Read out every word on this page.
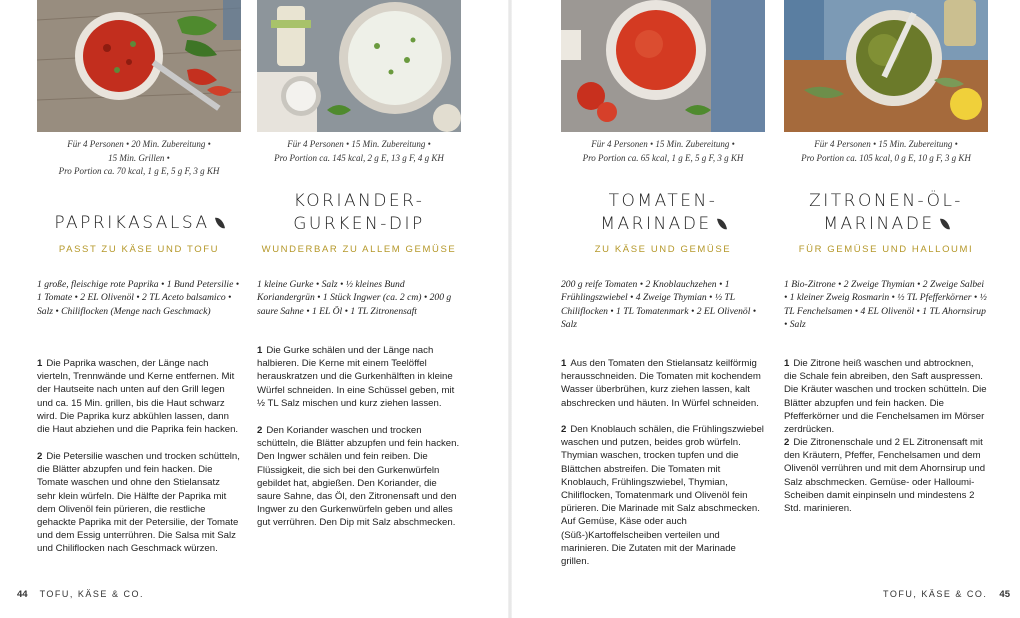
Für 4 Personen • 20 Min. Zubereitung •
15 Min. Grillen •
Pro Portion ca. 70 kcal, 1 g E, 5 g F, 3 g KH
PAPRIKASALSA
PASST ZU KÄSE UND TOFU
1 große, fleischige rote Paprika • 1 Bund Petersilie • 1 Tomate • 2 EL Olivenöl • 2 TL Aceto balsamico • Salz • Chiliflocken (Menge nach Geschmack)
1 Die Paprika waschen, der Länge nach vierteln, Trennwände und Kerne entfernen. Mit der Hautseite nach unten auf den Grill legen und ca. 15 Min. grillen, bis die Haut schwarz wird. Die Paprika kurz abkühlen lassen, dann die Haut abziehen und die Paprika fein hacken.
2 Die Petersilie waschen und trocken schütteln, die Blätter abzupfen und fein hacken. Die Tomate waschen und ohne den Stielansatz sehr klein würfeln. Die Hälfte der Paprika mit dem Olivenöl fein pürieren, die restliche gehackte Paprika mit der Petersilie, der Tomate und dem Essig unterrühren. Die Salsa mit Salz und Chiliflocken nach Geschmack würzen.
Für 4 Personen • 15 Min. Zubereitung •
Pro Portion ca. 145 kcal, 2 g E, 13 g F, 4 g KH
KORIANDER-
GURKEN-DIP
WUNDERBAR ZU ALLEM GEMÜSE
1 kleine Gurke • Salz • ½ kleines Bund Koriandergrün • 1 Stück Ingwer (ca. 2 cm) • 200 g saure Sahne • 1 EL Öl • 1 TL Zitronensaft
1 Die Gurke schälen und der Länge nach halbieren. Die Kerne mit einem Teelöffel herauskratzen und die Gurkenhälften in kleine Würfel schneiden. In eine Schüssel geben, mit ½ TL Salz mischen und kurz ziehen lassen.
2 Den Koriander waschen und trocken schütteln, die Blätter abzupfen und fein hacken. Den Ingwer schälen und fein reiben. Die Flüssigkeit, die sich bei den Gurkenwürfeln gebildet hat, abgießen. Den Koriander, die saure Sahne, das Öl, den Zitronensaft und den Ingwer zu den Gurkenwürfeln geben und alles gut verrühren. Den Dip mit Salz abschmecken.
Für 4 Personen • 15 Min. Zubereitung •
Pro Portion ca. 65 kcal, 1 g E, 5 g F, 3 g KH
TOMATEN-
MARINADE
ZU KÄSE UND GEMÜSE
200 g reife Tomaten • 2 Knoblauchzehen • 1 Frühlingszwiebel • 4 Zweige Thymian • ½ TL Chiliflocken • 1 TL Tomatenmark • 2 EL Olivenöl • Salz
1 Aus den Tomaten den Stielansatz keilförmig herausschneiden. Die Tomaten mit kochendem Wasser überbrühen, kurz ziehen lassen, kalt abschrecken und häuten. In Würfel schneiden.
2 Den Knoblauch schälen, die Frühlingszwiebel waschen und putzen, beides grob würfeln. Thymian waschen, trocken tupfen und die Blättchen abstreifen. Die Tomaten mit Knoblauch, Frühlingszwiebel, Thymian, Chiliflocken, Tomatenmark und Olivenöl fein pürieren. Die Marinade mit Salz abschmecken. Auf Gemüse, Käse oder auch (Süß-)Kartoffelscheiben verteilen und marinieren. Die Zutaten mit der Marinade grillen.
Für 4 Personen • 15 Min. Zubereitung •
Pro Portion ca. 105 kcal, 0 g E, 10 g F, 3 g KH
ZITRONEN-ÖL-
MARINADE
FÜR GEMÜSE UND HALLOUMI
1 Bio-Zitrone • 2 Zweige Thymian • 2 Zweige Salbei • 1 kleiner Zweig Rosmarin • ½ TL Pfefferkörner • ½ TL Fenchelsamen • 4 EL Olivenöl • 1 TL Ahornsirup • Salz
1 Die Zitrone heiß waschen und abtrocknen, die Schale fein abreiben, den Saft auspressen. Die Kräuter waschen und trocken schütteln. Die Blätter abzupfen und fein hacken. Die Pfefferkörner und die Fenchelsamen im Mörser zerdrücken.
2 Die Zitronenschale und 2 EL Zitronensaft mit den Kräutern, Pfeffer, Fenchelsamen und dem Olivenöl verrühren und mit dem Ahornsirup und Salz abschmecken. Gemüse- oder Halloumi-Scheiben damit einpinseln und mindestens 2 Std. marinieren.
44 TOFU, KÄSE & CO.	TOFU, KÄSE & CO. 45
